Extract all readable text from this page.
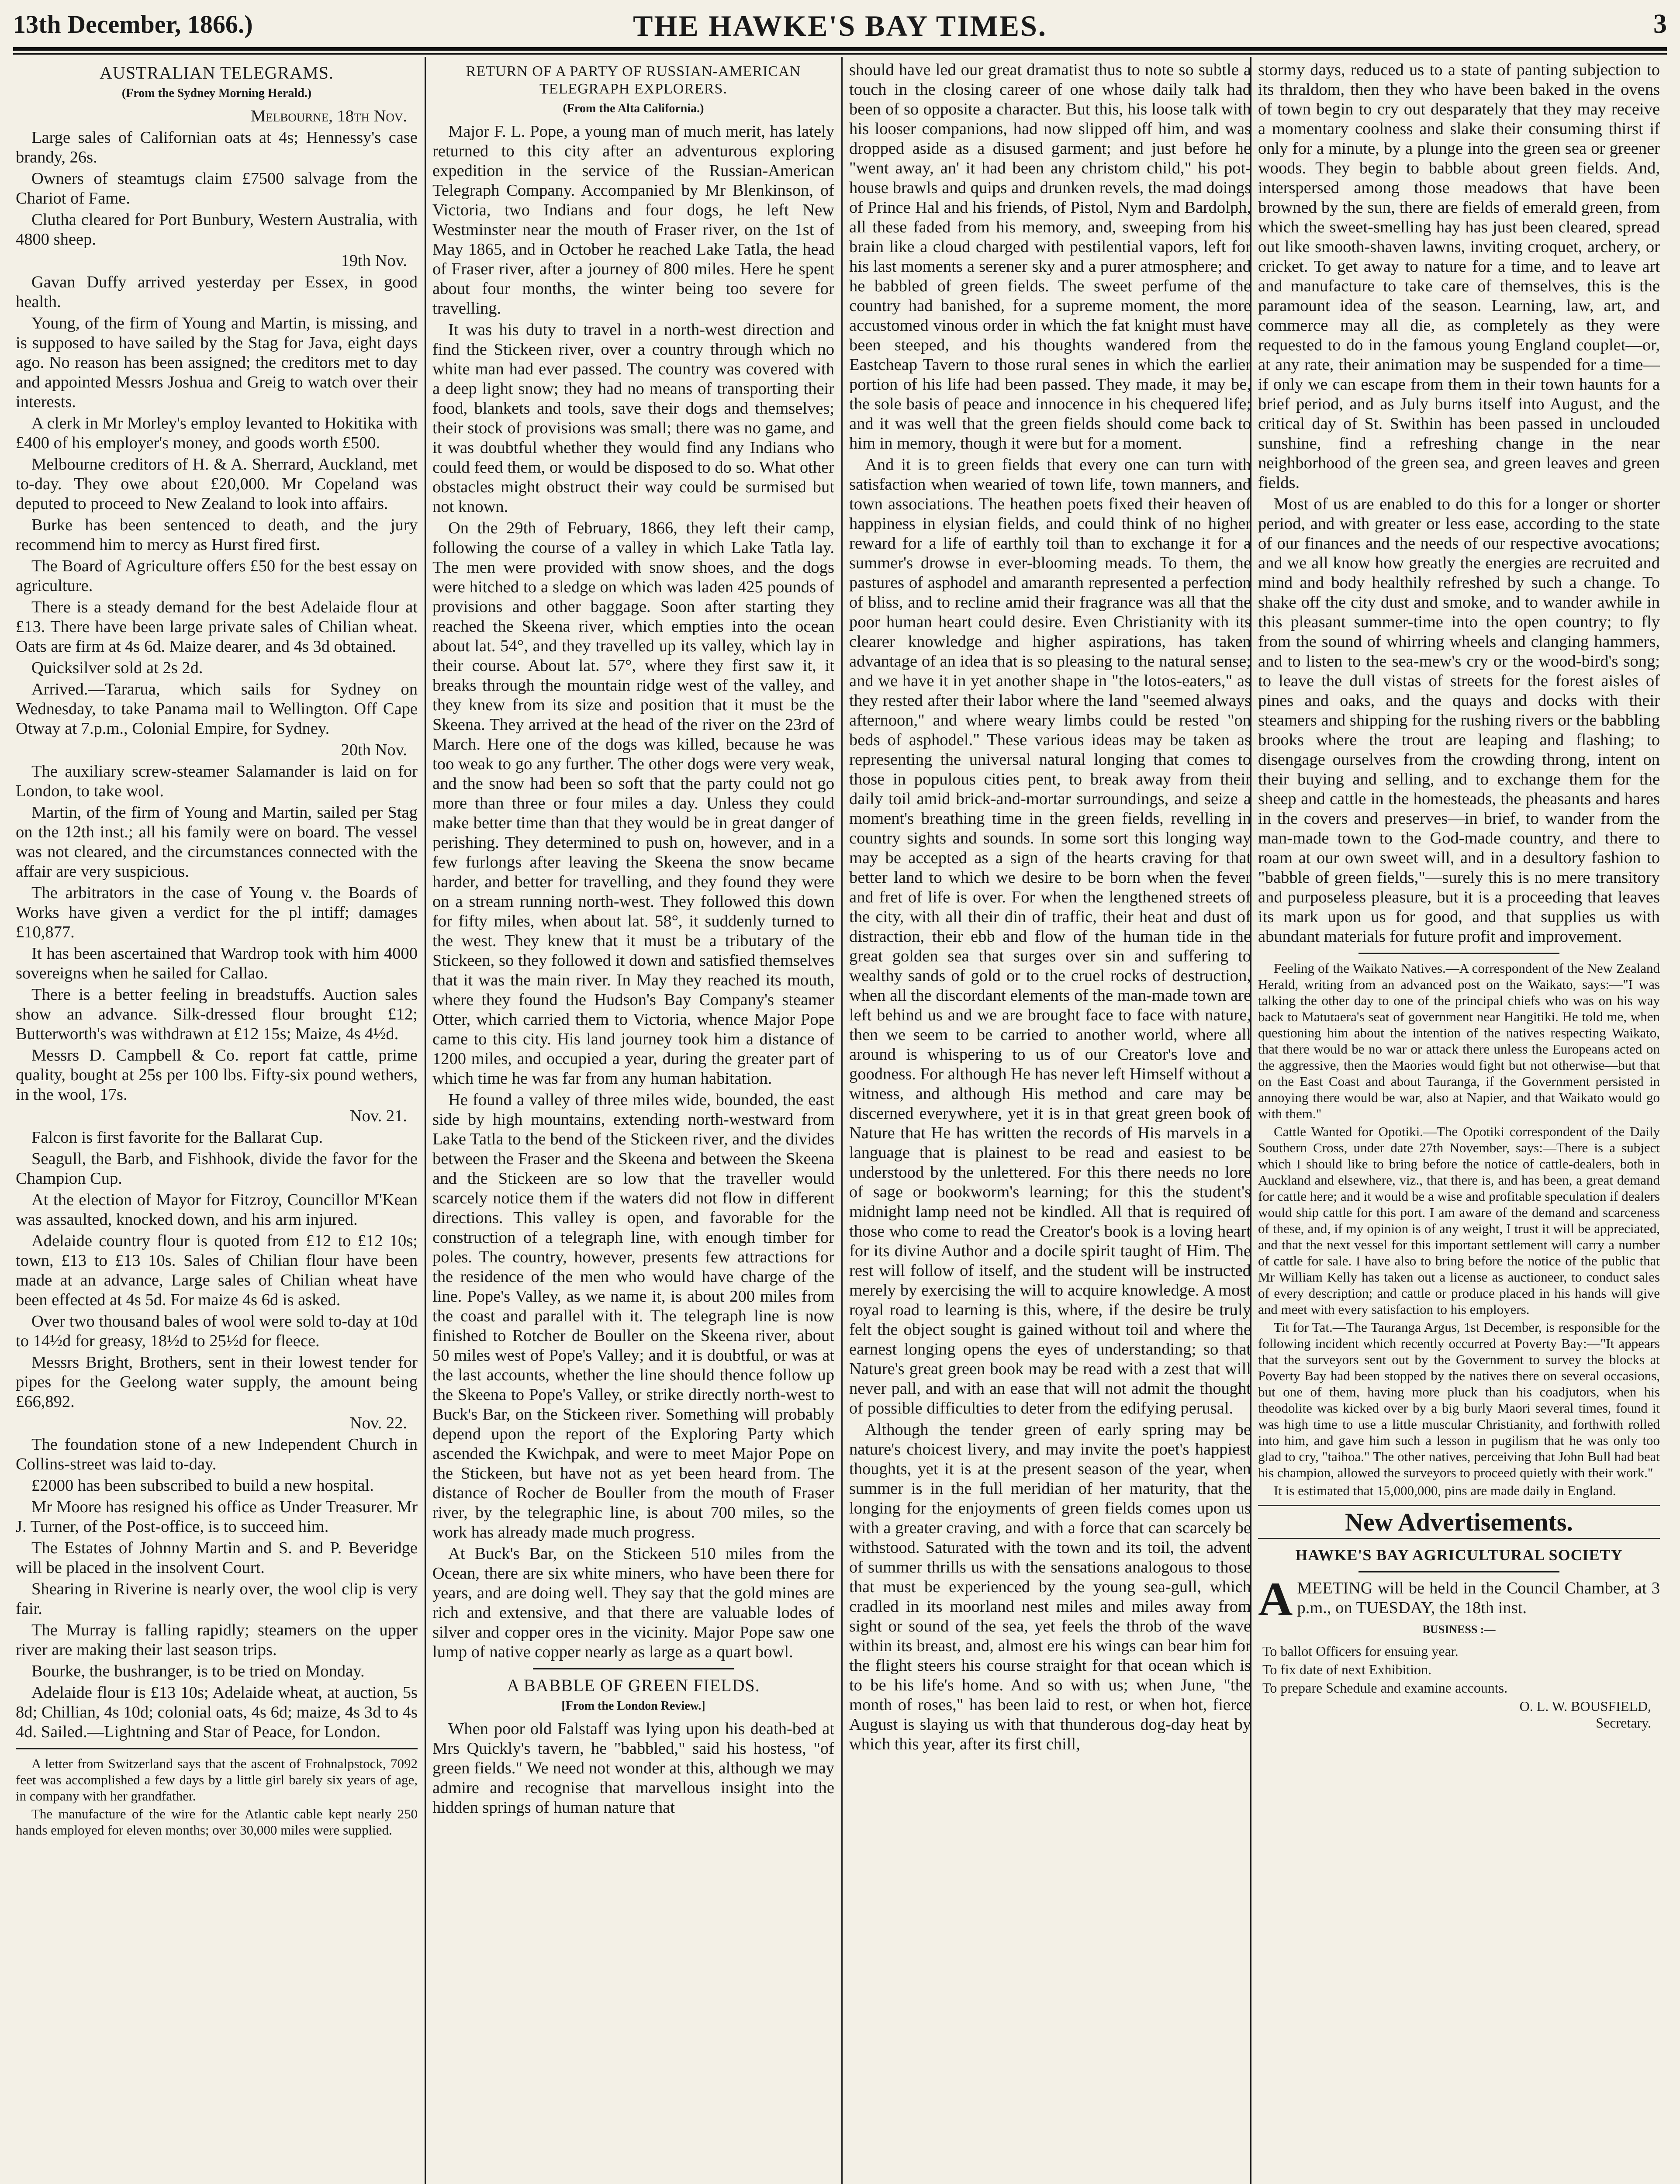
13th December, 1866.)	THE HAWKE'S BAY TIMES.	3
AUSTRALIAN TELEGRAMS.
(From the Sydney Morning Herald.)

Melbourne, 18th Nov.

Large sales of Californian oats at 4s; Hennessy's case brandy, 26s.

Owners of steamtugs claim £7500 salvage from the Chariot of Fame.

Clutha cleared for Port Bunbury, Western Australia, with 4800 sheep.

19th Nov.

Gavan Duffy arrived yesterday per Essex, in good health.

Young, of the firm of Young and Martin, is missing, and is supposed to have sailed by the Stag for Java, eight days ago. No reason has been assigned; the creditors met to day and appointed Messrs Joshua and Greig to watch over their interests.

A clerk in Mr Morley's employ levanted to Hokitika with £400 of his employer's money, and goods worth £500.

Melbourne creditors of H. & A. Sherrard, Auckland, met to-day. They owe about £20,000. Mr Copeland was deputed to proceed to New Zealand to look into affairs.

Burke has been sentenced to death, and the jury recommend him to mercy as Hurst fired first.

The Board of Agriculture offers £50 for the best essay on agriculture.

There is a steady demand for the best Adelaide flour at £13. There have been large private sales of Chilian wheat. Oats are firm at 4s 6d. Maize dearer, and 4s 3d obtained.

Quicksilver sold at 2s 2d.

Arrived.—Tararua, which sails for Sydney on Wednesday, to take Panama mail to Wellington. Off Cape Otway at 7.p.m., Colonial Empire, for Sydney.

20th Nov.

The auxiliary screw-steamer Salamander is laid on for London, to take wool.

Martin, of the firm of Young and Martin, sailed per Stag on the 12th inst.; all his family were on board. The vessel was not cleared, and the circumstances connected with the affair are very suspicious.

The arbitrators in the case of Young v. the Boards of Works have given a verdict for the pl intiff; damages £10,877.

It has been ascertained that Wardrop took with him 4000 sovereigns when he sailed for Callao.

There is a better feeling in breadstuffs. Auction sales show an advance. Silk-dressed flour brought £12; Butterworth's was withdrawn at £12 15s; Maize, 4s 4½d.

Messrs D. Campbell & Co. report fat cattle, prime quality, bought at 25s per 100 lbs. Fifty-six pound wethers, in the wool, 17s.

Nov. 21.

Falcon is first favorite for the Ballarat Cup.

Seagull, the Barb, and Fishhook, divide the favor for the Champion Cup.

At the election of Mayor for Fitzroy, Councillor M'Kean was assaulted, knocked down, and his arm injured.

Adelaide country flour is quoted from £12 to £12 10s; town, £13 to £13 10s. Sales of Chilian flour have been made at an advance, Large sales of Chilian wheat have been effected at 4s 5d. For maize 4s 6d is asked.

Over two thousand bales of wool were sold to-day at 10d to 14½d for greasy, 18½d to 25½d for fleece.

Messrs Bright, Brothers, sent in their lowest tender for pipes for the Geelong water supply, the amount being £66,892.

Nov. 22.

The foundation stone of a new Independent Church in Collins-street was laid to-day.

£2000 has been subscribed to build a new hospital.

Mr Moore has resigned his office as Under Treasurer. Mr J. Turner, of the Post-office, is to succeed him.

The Estates of Johnny Martin and S. and P. Beveridge will be placed in the insolvent Court.

Shearing in Riverine is nearly over, the wool clip is very fair.

The Murray is falling rapidly; steamers on the upper river are making their last season trips.

Bourke, the bushranger, is to be tried on Monday.

Adelaide flour is £13 10s; Adelaide wheat, at auction, 5s 8d; Chillian, 4s 10d; colonial oats, 4s 6d; maize, 4s 3d to 4s 4d. Sailed.—Lightning and Star of Peace, for London.

A letter from Switzerland says that the ascent of Frohnalpstock, 7092 feet was accomplished a few days by a little girl barely six years of age, in company with her grandfather.

The manufacture of the wire for the Atlantic cable kept nearly 250 hands employed for eleven months; over 30,000 miles were supplied.

RETURN OF A PARTY OF RUSSIAN-AMERICAN TELEGRAPH EXPLORERS.
(From the Alta California.)

Major F. L. Pope, a young man of much merit, has lately returned to this city after an adventurous exploring expedition in the service of the Russian-American Telegraph Company. Accompanied by Mr Blenkinson, of Victoria, two Indians and four dogs, he left New Westminster near the mouth of Fraser river, on the 1st of May 1865, and in October he reached Lake Tatla, the head of Fraser river, after a journey of 800 miles. Here he spent about four months, the winter being too severe for travelling.

It was his duty to travel in a north-west direction and find the Stickeen river, over a country through which no white man had ever passed. The country was covered with a deep light snow; they had no means of transporting their food, blankets and tools, save their dogs and themselves; their stock of provisions was small; there was no game, and it was doubtful whether they would find any Indians who could feed them, or would be disposed to do so. What other obstacles might obstruct their way could be surmised but not known.

On the 29th of February, 1866, they left their camp, following the course of a valley in which Lake Tatla lay. The men were provided with snow shoes, and the dogs were hitched to a sledge on which was laden 425 pounds of provisions and other baggage. Soon after starting they reached the Skeena river, which empties into the ocean about lat. 54°, and they travelled up its valley, which lay in their course. About lat. 57°, where they first saw it, it breaks through the mountain ridge west of the valley, and they knew from its size and position that it must be the Skeena. They arrived at the head of the river on the 23rd of March. Here one of the dogs was killed, because he was too weak to go any further. The other dogs were very weak, and the snow had been so soft that the party could not go more than three or four miles a day. Unless they could make better time than that they would be in great danger of perishing. They determined to push on, however, and in a few furlongs after leaving the Skeena the snow became harder, and better for travelling, and they found they were on a stream running north-west. They followed this down for fifty miles, when about lat. 58°, it suddenly turned to the west. They knew that it must be a tributary of the Stickeen, so they followed it down and satisfied themselves that it was the main river. In May they reached its mouth, where they found the Hudson's Bay Company's steamer Otter, which carried them to Victoria, whence Major Pope came to this city. His land journey took him a distance of 1200 miles, and occupied a year, during the greater part of which time he was far from any human habitation.

He found a valley of three miles wide, bounded, the east side by high mountains, extending north-westward from Lake Tatla to the bend of the Stickeen river, and the divides between the Fraser and the Skeena and between the Skeena and the Stickeen are so low that the traveller would scarcely notice them if the waters did not flow in different directions. This valley is open, and favorable for the construction of a telegraph line, with enough timber for poles. The country, however, presents few attractions for the residence of the men who would have charge of the line. Pope's Valley, as we name it, is about 200 miles from the coast and parallel with it. The telegraph line is now finished to Rotcher de Bouller on the Skeena river, about 50 miles west of Pope's Valley; and it is doubtful, or was at the last accounts, whether the line should thence follow up the Skeena to Pope's Valley, or strike directly north-west to Buck's Bar, on the Stickeen river. Something will probably depend upon the report of the Exploring Party which ascended the Kwichpak, and were to meet Major Pope on the Stickeen, but have not as yet been heard from. The distance of Rocher de Bouller from the mouth of Fraser river, by the telegraphic line, is about 700 miles, so the work has already made much progress.

At Buck's Bar, on the Stickeen 510 miles from the Ocean, there are six white miners, who have been there for years, and are doing well. They say that the gold mines are rich and extensive, and that there are valuable lodes of silver and copper ores in the vicinity. Major Pope saw one lump of native copper nearly as large as a quart bowl.

A BABBLE OF GREEN FIELDS.
[From the London Review.]

When poor old Falstaff was lying upon his death-bed at Mrs Quickly's tavern, he "babbled," said his hostess, "of green fields." We need not wonder at this, although we may admire and recognise that marvellous insight into the hidden springs of human nature that

should have led our great dramatist thus to note so subtle a touch in the closing career of one whose daily talk had been of so opposite a character. But this, his loose talk with his looser companions, had now slipped off him, and was dropped aside as a disused garment; and just before he "went away, an' it had been any christom child," his pot-house brawls and quips and drunken revels, the mad doings of Prince Hal and his friends, of Pistol, Nym and Bardolph, all these faded from his memory, and, sweeping from his brain like a cloud charged with pestilential vapors, left for his last moments a serener sky and a purer atmosphere; and he babbled of green fields. The sweet perfume of the country had banished, for a supreme moment, the more accustomed vinous order in which the fat knight must have been steeped, and his thoughts wandered from the Eastcheap Tavern to those rural senes in which the earlier portion of his life had been passed. They made, it may be, the sole basis of peace and innocence in his chequered life; and it was well that the green fields should come back to him in memory, though it were but for a moment.

And it is to green fields that every one can turn with satisfaction when wearied of town life, town manners, and town associations. The heathen poets fixed their heaven of happiness in elysian fields, and could think of no higher reward for a life of earthly toil than to exchange it for a summer's drowse in ever-blooming meads. To them, the pastures of asphodel and amaranth represented a perfection of bliss, and to recline amid their fragrance was all that the poor human heart could desire. Even Christianity with its clearer knowledge and higher aspirations, has taken advantage of an idea that is so pleasing to the natural sense; and we have it in yet another shape in "the lotos-eaters," as they rested after their labor where the land "seemed always afternoon," and where weary limbs could be rested "on beds of asphodel." These various ideas may be taken as representing the universal natural longing that comes to those in populous cities pent, to break away from their daily toil amid brick-and-mortar surroundings, and seize a moment's breathing time in the green fields, revelling in country sights and sounds. In some sort this longing way may be accepted as a sign of the hearts craving for that better land to which we desire to be born when the fever and fret of life is over. For when the lengthened streets of the city, with all their din of traffic, their heat and dust of distraction, their ebb and flow of the human tide in the great golden sea that surges over sin and suffering to wealthy sands of gold or to the cruel rocks of destruction, when all the discordant elements of the man-made town are left behind us and we are brought face to face with nature, then we seem to be carried to another world, where all around is whispering to us of our Creator's love and goodness. For although He has never left Himself without a witness, and although His method and care may be discerned everywhere, yet it is in that great green book of Nature that He has written the records of His marvels in a language that is plainest to be read and easiest to be understood by the unlettered. For this there needs no lore of sage or bookworm's learning; for this the student's midnight lamp need not be kindled. All that is required of those who come to read the Creator's book is a loving heart for its divine Author and a docile spirit taught of Him. The rest will follow of itself, and the student will be instructed merely by exercising the will to acquire knowledge. A most royal road to learning is this, where, if the desire be truly felt the object sought is gained without toil and where the earnest longing opens the eyes of understanding; so that Nature's great green book may be read with a zest that will never pall, and with an ease that will not admit the thought of possible difficulties to deter from the edifying perusal.

Although the tender green of early spring may be nature's choicest livery, and may invite the poet's happiest thoughts, yet it is at the present season of the year, when summer is in the full meridian of her maturity, that the longing for the enjoyments of green fields comes upon us with a greater craving, and with a force that can scarcely be withstood. Saturated with the town and its toil, the advent of summer thrills us with the sensations analogous to those that must be experienced by the young sea-gull, which cradled in its moorland nest miles and miles away from sight or sound of the sea, yet feels the throb of the wave within its breast, and, almost ere his wings can bear him for the flight steers his course straight for that ocean which is to be his life's home. And so with us; when June, "the month of roses," has been laid to rest, or when hot, fierce August is slaying us with that thunderous dog-day heat by which this year, after its first chill,

stormy days, reduced us to a state of panting subjection to its thraldom, then they who have been baked in the ovens of town begin to cry out desparately that they may receive a momentary coolness and slake their consuming thirst if only for a minute, by a plunge into the green sea or greener woods. They begin to babble about green fields. And, interspersed among those meadows that have been browned by the sun, there are fields of emerald green, from which the sweet-smelling hay has just been cleared, spread out like smooth-shaven lawns, inviting croquet, archery, or cricket. To get away to nature for a time, and to leave art and manufacture to take care of themselves, this is the paramount idea of the season. Learning, law, art, and commerce may all die, as completely as they were requested to do in the famous young England couplet—or, at any rate, their animation may be suspended for a time—if only we can escape from them in their town haunts for a brief period, and as July burns itself into August, and the critical day of St. Swithin has been passed in unclouded sunshine, find a refreshing change in the near neighborhood of the green sea, and green leaves and green fields.

Most of us are enabled to do this for a longer or shorter period, and with greater or less ease, according to the state of our finances and the needs of our respective avocations; and we all know how greatly the energies are recruited and mind and body healthily refreshed by such a change. To shake off the city dust and smoke, and to wander awhile in this pleasant summer-time into the open country; to fly from the sound of whirring wheels and clanging hammers, and to listen to the sea-mew's cry or the wood-bird's song; to leave the dull vistas of streets for the forest aisles of pines and oaks, and the quays and docks with their steamers and shipping for the rushing rivers or the babbling brooks where the trout are leaping and flashing; to disengage ourselves from the crowding throng, intent on their buying and selling, and to exchange them for the sheep and cattle in the homesteads, the pheasants and hares in the covers and preserves—in brief, to wander from the man-made town to the God-made country, and there to roam at our own sweet will, and in a desultory fashion to "babble of green fields,"—surely this is no mere transitory and purposeless pleasure, but it is a proceeding that leaves its mark upon us for good, and that supplies us with abundant materials for future profit and improvement.

Feeling of the Waikato Natives.—A correspondent of the New Zealand Herald, writing from an advanced post on the Waikato, says:—"I was talking the other day to one of the principal chiefs who was on his way back to Matutaera's seat of government near Hangitiki. He told me, when questioning him about the intention of the natives respecting Waikato, that there would be no war or attack there unless the Europeans acted on the aggressive, then the Maories would fight but not otherwise—but that on the East Coast and about Tauranga, if the Government persisted in annoying there would be war, also at Napier, and that Waikato would go with them."

Cattle Wanted for Opotiki.—The Opotiki correspondent of the Daily Southern Cross, under date 27th November, says:—There is a subject which I should like to bring before the notice of cattle-dealers, both in Auckland and elsewhere, viz., that there is, and has been, a great demand for cattle here; and it would be a wise and profitable speculation if dealers would ship cattle for this port. I am aware of the demand and scarceness of these, and, if my opinion is of any weight, I trust it will be appreciated, and that the next vessel for this important settlement will carry a number of cattle for sale. I have also to bring before the notice of the public that Mr William Kelly has taken out a license as auctioneer, to conduct sales of every description; and cattle or produce placed in his hands will give and meet with every satisfaction to his employers.

Tit for Tat.—The Tauranga Argus, 1st December, is responsible for the following incident which recently occurred at Poverty Bay:—"It appears that the surveyors sent out by the Government to survey the blocks at Poverty Bay had been stopped by the natives there on several occasions, but one of them, having more pluck than his coadjutors, when his theodolite was kicked over by a big burly Maori several times, found it was high time to use a little muscular Christianity, and forthwith rolled into him, and gave him such a lesson in pugilism that he was only too glad to cry, "taihoa." The other natives, perceiving that John Bull had beat his champion, allowed the surveyors to proceed quietly with their work."

It is estimated that 15,000,000, pins are made daily in England.

New Advertisements.
HAWKE'S BAY AGRICULTURAL SOCIETY
A MEETING will be held in the Council Chamber, at 3 p.m., on TUESDAY, the 18th inst.

BUSINESS :—

To ballot Officers for ensuing year.

To fix date of next Exhibition.

To prepare Schedule and examine accounts.

O. L. W. BOUSFIELD,
Secretary.
